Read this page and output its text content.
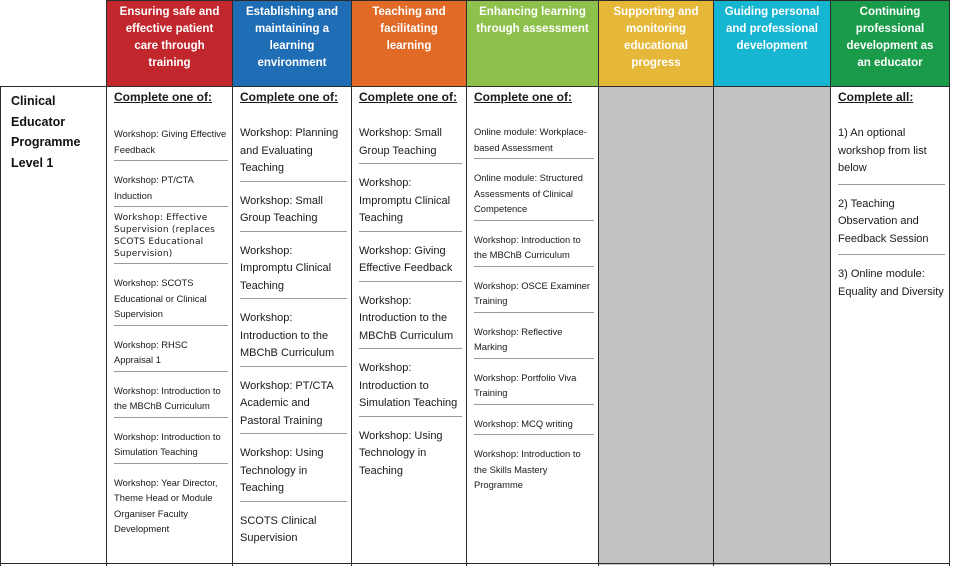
Ensuring safe and effective patient care through training
Establishing and maintaining a learning environment
Teaching and facilitating learning
Enhancing learning through assessment
Supporting and monitoring educational progress
Guiding personal and professional development
Continuing professional development as an educator
Clinical Educator Programme Level 1
Complete one of:
Workshop: Giving Effective Feedback
Workshop: PT/CTA Induction
Workshop: Effective Supervision (replaces SCOTS Educational Supervision)
Workshop: SCOTS Educational or Clinical Supervision
Workshop: RHSC Appraisal 1
Workshop: Introduction to the MBChB Curriculum
Workshop: Introduction to Simulation Teaching
Workshop: Year Director, Theme Head or Module Organiser Faculty Development
Complete one of:
Workshop: Planning and Evaluating Teaching
Workshop: Small Group Teaching
Workshop: Impromptu Clinical Teaching
Workshop: Introduction to the MBChB Curriculum
Workshop: PT/CTA Academic and Pastoral Training
Workshop: Using Technology in Teaching
SCOTS Clinical Supervision
Complete one of:
Workshop: Small Group Teaching
Workshop: Impromptu Clinical Teaching
Workshop: Giving Effective Feedback
Workshop: Introduction to the MBChB Curriculum
Workshop: Introduction to Simulation Teaching
Workshop: Using Technology in Teaching
Complete one of:
Online module: Workplace-based Assessment
Online module: Structured Assessments of Clinical Competence
Workshop: Introduction to the MBChB Curriculum
Workshop: OSCE Examiner Training
Workshop: Reflective Marking
Workshop: Portfolio Viva Training
Workshop: MCQ writing
Workshop: Introduction to the Skills Mastery Programme
Complete all:
1) An optional workshop from list below
2) Teaching Observation and Feedback Session
3) Online module: Equality and Diversity
